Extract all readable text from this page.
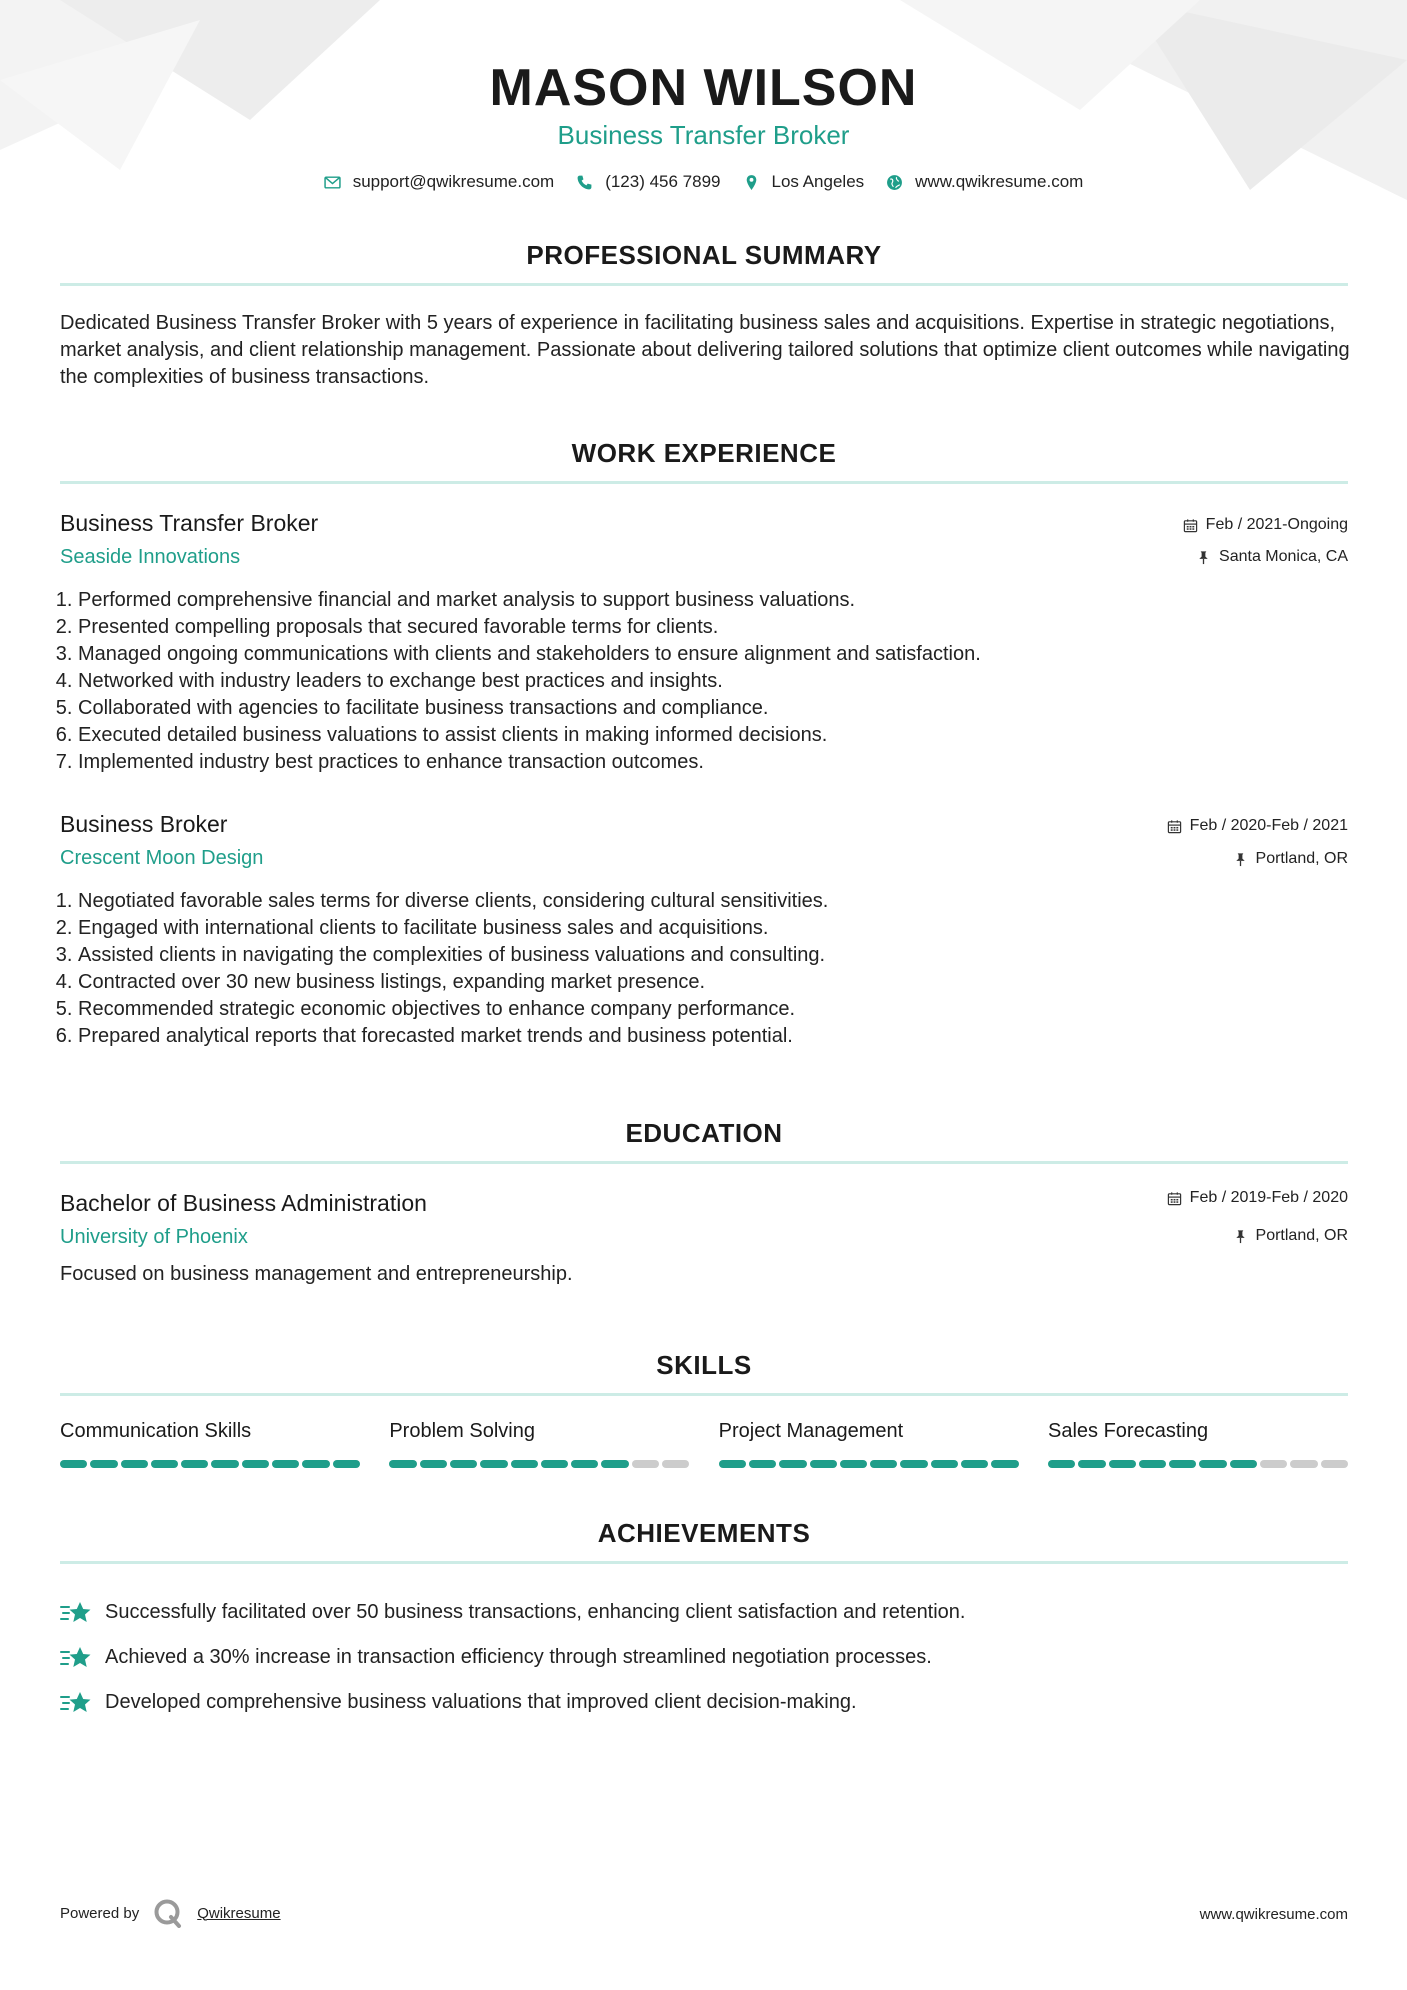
MASON WILSON
Business Transfer Broker
support@qwikresume.com	(123) 456 7899	Los Angeles	www.qwikresume.com
PROFESSIONAL SUMMARY
Dedicated Business Transfer Broker with 5 years of experience in facilitating business sales and acquisitions. Expertise in strategic negotiations, market analysis, and client relationship management. Passionate about delivering tailored solutions that optimize client outcomes while navigating the complexities of business transactions.
WORK EXPERIENCE
Business Transfer Broker
Seaside Innovations
Feb / 2021-Ongoing
Santa Monica, CA
1. Performed comprehensive financial and market analysis to support business valuations.
2. Presented compelling proposals that secured favorable terms for clients.
3. Managed ongoing communications with clients and stakeholders to ensure alignment and satisfaction.
4. Networked with industry leaders to exchange best practices and insights.
5. Collaborated with agencies to facilitate business transactions and compliance.
6. Executed detailed business valuations to assist clients in making informed decisions.
7. Implemented industry best practices to enhance transaction outcomes.
Business Broker
Crescent Moon Design
Feb / 2020-Feb / 2021
Portland, OR
1. Negotiated favorable sales terms for diverse clients, considering cultural sensitivities.
2. Engaged with international clients to facilitate business sales and acquisitions.
3. Assisted clients in navigating the complexities of business valuations and consulting.
4. Contracted over 30 new business listings, expanding market presence.
5. Recommended strategic economic objectives to enhance company performance.
6. Prepared analytical reports that forecasted market trends and business potential.
EDUCATION
Bachelor of Business Administration
University of Phoenix
Feb / 2019-Feb / 2020
Portland, OR
Focused on business management and entrepreneurship.
SKILLS
Communication Skills	Problem Solving	Project Management	Sales Forecasting
ACHIEVEMENTS
Successfully facilitated over 50 business transactions, enhancing client satisfaction and retention.
Achieved a 30% increase in transaction efficiency through streamlined negotiation processes.
Developed comprehensive business valuations that improved client decision-making.
Powered by	Qwikresume	www.qwikresume.com
